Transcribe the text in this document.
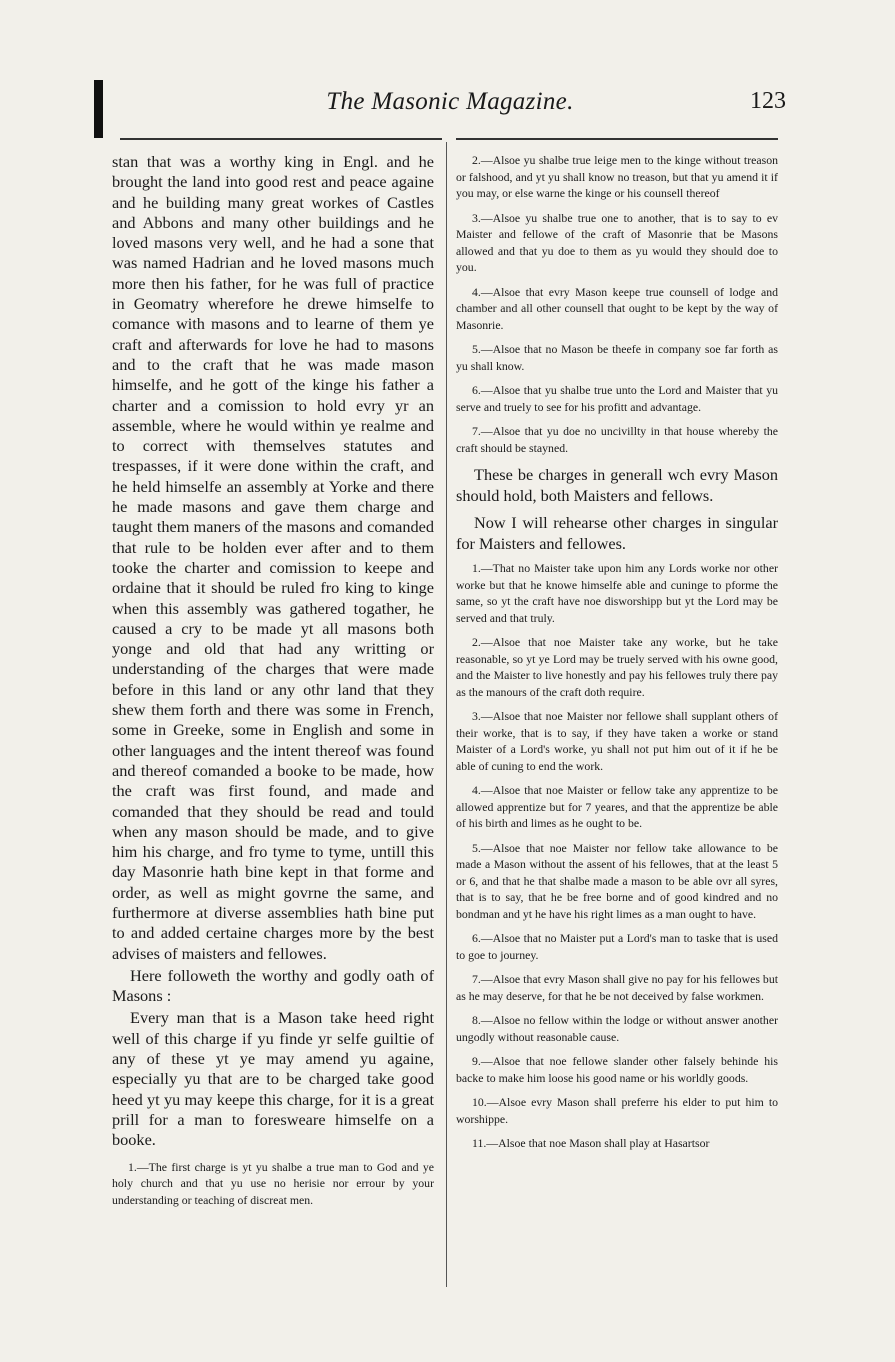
The Masonic Magazine.	123

stan that was a worthy king in Engl. and he brought the land into good rest and peace againe and he building many great workes of Castles and Abbons and many other buildings and he loved masons very well, and he had a sone that was named Hadrian and he loved masons much more then his father, for he was full of practice in Geomatry wherefore he drewe himselfe to comance with masons and to learne of them ye craft and afterwards for love he had to masons and to the craft that he was made mason himselfe, and he gott of the kinge his father a charter and a comission to hold evry yr an assemble, where he would within ye realme and to correct with themselves statutes and trespasses, if it were done within the craft, and he held himselfe an assembly at Yorke and there he made masons and gave them charge and taught them maners of the masons and comanded that rule to be holden ever after and to them tooke the charter and comission to keepe and ordaine that it should be ruled fro king to kinge when this assembly was gathered togather, he caused a cry to be made yt all masons both yonge and old that had any writting or understanding of the charges that were made before in this land or any othr land that they shew them forth and there was some in French, some in Greeke, some in English and some in other languages and the intent thereof was found and thereof comanded a booke to be made, how the craft was first found, and made and comanded that they should be read and tould when any mason should be made, and to give him his charge, and fro tyme to tyme, untill this day Masonrie hath bine kept in that forme and order, as well as might govrne the same, and furthermore at diverse assemblies hath bine put to and added certaine charges more by the best advises of maisters and fellowes.

Here followeth the worthy and godly oath of Masons :

Every man that is a Mason take heed right well of this charge if yu finde yr selfe guiltie of any of these yt ye may amend yu againe, especially yu that are to be charged take good heed yt yu may keepe this charge, for it is a great prill for a man to foresweare himselfe on a booke.

1.—The first charge is yt yu shalbe a true man to God and ye holy church and that yu use no herisie nor errour by your understanding or teaching of discreat men.

2.—Alsoe yu shalbe true leige men to the kinge without treason or falshood, and yt yu shall know no treason, but that yu amend it if you may, or else warne the kinge or his counsell thereof

3.—Alsoe yu shalbe true one to another, that is to say to ev Maister and fellowe of the craft of Masonrie that be Masons allowed and that yu doe to them as yu would they should doe to you.

4.—Alsoe that evry Mason keepe true counsell of lodge and chamber and all other counsell that ought to be kept by the way of Masonrie.

5.—Alsoe that no Mason be theefe in company soe far forth as yu shall know.

6.—Alsoe that yu shalbe true unto the Lord and Maister that yu serve and truely to see for his profitt and advantage.

7.—Alsoe that yu doe no uncivillty in that house whereby the craft should be stayned.

These be charges in generall wch evry Mason should hold, both Maisters and fellows.

Now I will rehearse other charges in singular for Maisters and fellowes.

1.—That no Maister take upon him any Lords worke nor other worke but that he knowe himselfe able and cuninge to pforme the same, so yt the craft have noe disworshipp but yt the Lord may be served and that truly.

2.—Alsoe that noe Maister take any worke, but he take reasonable, so yt ye Lord may be truely served with his owne good, and the Maister to live honestly and pay his fellowes truly there pay as the manours of the craft doth require.

3.—Alsoe that noe Maister nor fellowe shall supplant others of their worke, that is to say, if they have taken a worke or stand Maister of a Lord's worke, yu shall not put him out of it if he be able of cuning to end the work.

4.—Alsoe that noe Maister or fellow take any apprentize to be allowed apprentize but for 7 yeares, and that the apprentize be able of his birth and limes as he ought to be.

5.—Alsoe that noe Maister nor fellow take allowance to be made a Mason without the assent of his fellowes, that at the least 5 or 6, and that he that shalbe made a mason to be able ovr all syres, that is to say, that he be free borne and of good kindred and no bondman and yt he have his right limes as a man ought to have.

6.—Alsoe that no Maister put a Lord's man to taske that is used to goe to journey.

7.—Alsoe that evry Mason shall give no pay for his fellowes but as he may deserve, for that he be not deceived by false workmen.

8.—Alsoe no fellow within the lodge or without answer another ungodly without reasonable cause.

9.—Alsoe that noe fellowe slander other falsely behinde his backe to make him loose his good name or his worldly goods.

10.—Alsoe evry Mason shall preferre his elder to put him to worshippe.

11.—Alsoe that noe Mason shall play at Hasartsor
